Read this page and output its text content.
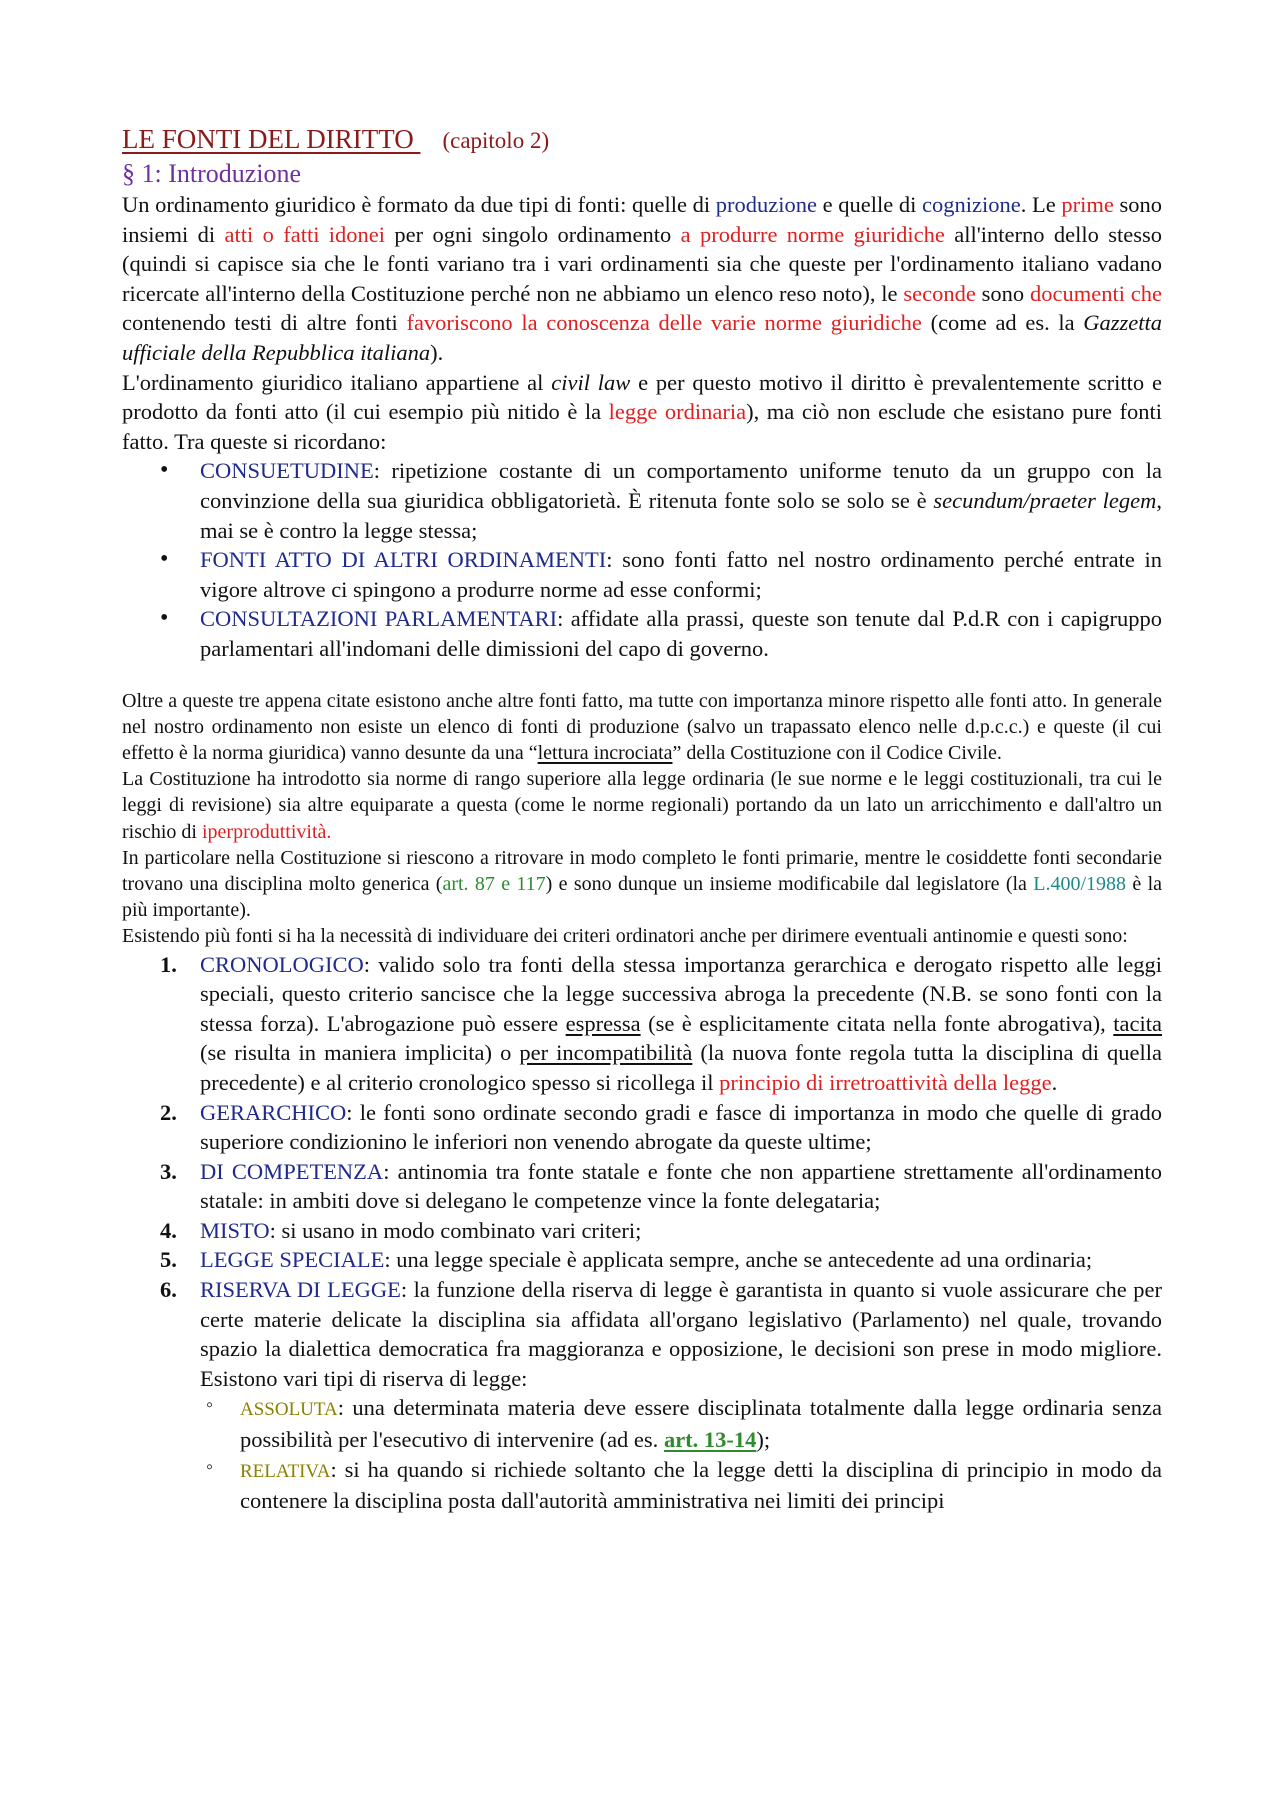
LE FONTI DEL DIRITTO (capitolo 2)
§ 1: Introduzione

Un ordinamento giuridico è formato da due tipi di fonti: quelle di produzione e quelle di cognizione. Le prime sono insiemi di atti o fatti idonei per ogni singolo ordinamento a produrre norme giuridiche all'interno dello stesso (quindi si capisce sia che le fonti variano tra i vari ordinamenti sia che queste per l'ordinamento italiano vadano ricercate all'interno della Costituzione perché non ne abbiamo un elenco reso noto), le seconde sono documenti che contenendo testi di altre fonti favoriscono la conoscenza delle varie norme giuridiche (come ad es. la Gazzetta ufficiale della Repubblica italiana).

L'ordinamento giuridico italiano appartiene al civil law e per questo motivo il diritto è prevalentemente scritto e prodotto da fonti atto (il cui esempio più nitido è la legge ordinaria), ma ciò non esclude che esistano pure fonti fatto. Tra queste si ricordano:

• CONSUETUDINE: ripetizione costante di un comportamento uniforme tenuto da un gruppo con la convinzione della sua giuridica obbligatorietà. È ritenuta fonte solo se solo se è secundum/praeter legem, mai se è contro la legge stessa;
• FONTI ATTO DI ALTRI ORDINAMENTI: sono fonti fatto nel nostro ordinamento perché entrate in vigore altrove ci spingono a produrre norme ad esse conformi;
• CONSULTAZIONI PARLAMENTARI: affidate alla prassi, queste son tenute dal P.d.R con i capigruppo parlamentari all'indomani delle dimissioni del capo di governo.

Oltre a queste tre appena citate esistono anche altre fonti fatto, ma tutte con importanza minore rispetto alle fonti atto. In generale nel nostro ordinamento non esiste un elenco di fonti di produzione (salvo un trapassato elenco nelle d.p.c.c.) e queste (il cui effetto è la norma giuridica) vanno desunte da una “lettura incrociata” della Costituzione con il Codice Civile.

La Costituzione ha introdotto sia norme di rango superiore alla legge ordinaria (le sue norme e le leggi costituzionali, tra cui le leggi di revisione) sia altre equiparate a questa (come le norme regionali) portando da un lato un arricchimento e dall'altro un rischio di iperproduttività.

In particolare nella Costituzione si riescono a ritrovare in modo completo le fonti primarie, mentre le cosiddette fonti secondarie trovano una disciplina molto generica (art. 87 e 117) e sono dunque un insieme modificabile dal legislatore (la L.400/1988 è la più importante).

Esistendo più fonti si ha la necessità di individuare dei criteri ordinatori anche per dirimere eventuali antinomie e questi sono:

1. CRONOLOGICO: valido solo tra fonti della stessa importanza gerarchica e derogato rispetto alle leggi speciali, questo criterio sancisce che la legge successiva abroga la precedente (N.B. se sono fonti con la stessa forza). L'abrogazione può essere espressa (se è esplicitamente citata nella fonte abrogativa), tacita (se risulta in maniera implicita) o per incompatibilità (la nuova fonte regola tutta la disciplina di quella precedente) e al criterio cronologico spesso si ricollega il principio di irretroattività della legge.
2. GERARCHICO: le fonti sono ordinate secondo gradi e fasce di importanza in modo che quelle di grado superiore condizionino le inferiori non venendo abrogate da queste ultime;
3. DI COMPETENZA: antinomia tra fonte statale e fonte che non appartiene strettamente all'ordinamento statale: in ambiti dove si delegano le competenze vince la fonte delegataria;
4. MISTO: si usano in modo combinato vari criteri;
5. LEGGE SPECIALE: una legge speciale è applicata sempre, anche se antecedente ad una ordinaria;
6. RISERVA DI LEGGE: la funzione della riserva di legge è garantista in quanto si vuole assicurare che per certe materie delicate la disciplina sia affidata all'organo legislativo (Parlamento) nel quale, trovando spazio la dialettica democratica fra maggioranza e opposizione, le decisioni son prese in modo migliore. Esistono vari tipi di riserva di legge:
◦ ASSOLUTA: una determinata materia deve essere disciplinata totalmente dalla legge ordinaria senza possibilità per l'esecutivo di intervenire (ad es. art. 13-14);
◦ RELATIVA: si ha quando si richiede soltanto che la legge detti la disciplina di principio in modo da contenere la disciplina posta dall'autorità amministrativa nei limiti dei principi
